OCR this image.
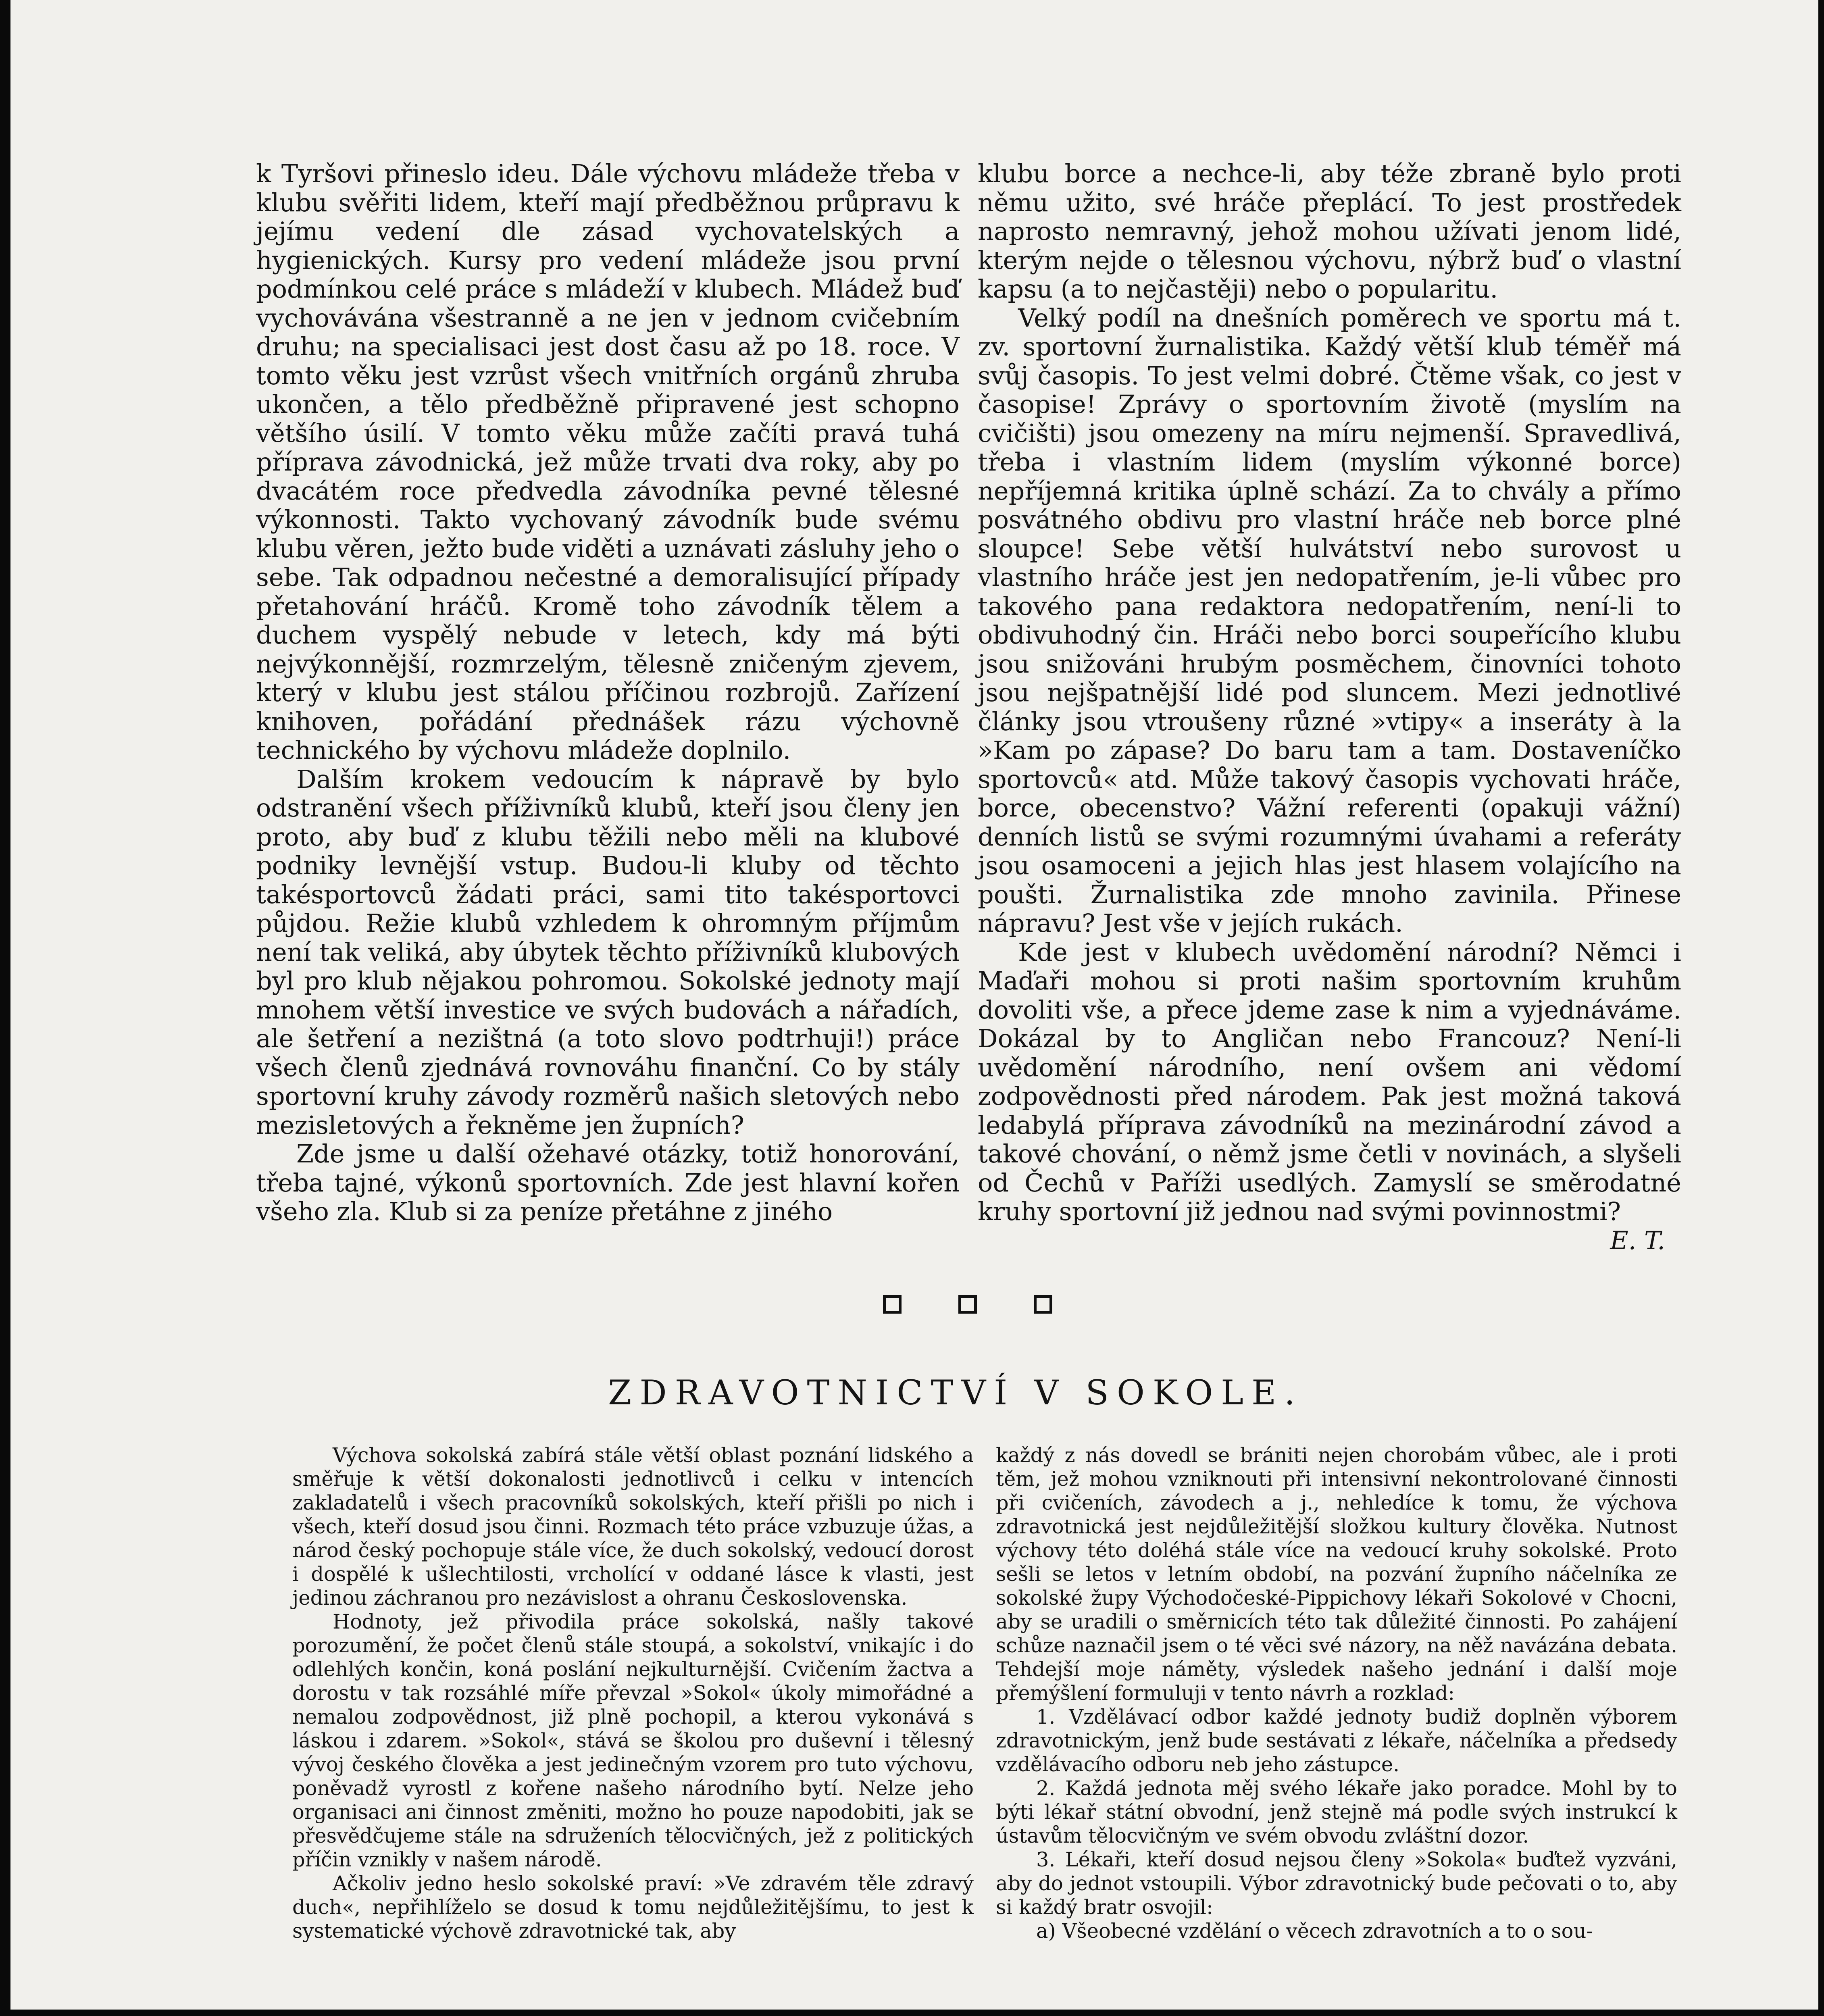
k Tyršovi přineslo ideu. Dále výchovu mládeže třeba v klubu svěřiti lidem, kteří mají předběžnou průpravu k jejímu vedení dle zásad vychovatelských a hygienických. Kursy pro vedení mládeže jsou první podmínkou celé práce s mládeží v klubech. Mládež buď vychovávána všestranně a ne jen v jednom cvičebním druhu; na specialisaci jest dost času až po 18. roce. V tomto věku jest vzrůst všech vnitřních orgánů zhruba ukončen, a tělo předběžně připravené jest schopno většího úsilí. V tomto věku může začíti pravá tuhá příprava závodnická, jež může trvati dva roky, aby po dvacátém roce předvedla závodníka pevné tělesné výkonnosti. Takto vychovaný závodník bude svému klubu věren, ježto bude viděti a uznávati zásluhy jeho o sebe. Tak odpadnou nečestné a demoralisující případy přetahování hráčů. Kromě toho závodník tělem a duchem vyspělý nebude v letech, kdy má býti nejvýkonnější, rozmrzelým, tělesně zničeným zjevem, který v klubu jest stálou příčinou rozbrojů. Zařízení knihoven, pořádání přednášek rázu výchovně technického by výchovu mládeže doplnilo.

Dalším krokem vedoucím k nápravě by bylo odstranění všech příživníků klubů, kteří jsou členy jen proto, aby buď z klubu těžili nebo měli na klubové podniky levnější vstup. Budou-li kluby od těchto takésportovců žádati práci, sami tito takésportovci půjdou. Režie klubů vzhledem k ohromným příjmům není tak veliká, aby úbytek těchto příživníků klubových byl pro klub nějakou pohromou. Sokolské jednoty mají mnohem větší investice ve svých budovách a nářadích, ale šetření a nezištná (a toto slovo podtrhuji!) práce všech členů zjednává rovnováhu finanční. Co by stály sportovní kruhy závody rozměrů našich sletových nebo mezisletových a řekněme jen župních?

Zde jsme u další ožehavé otázky, totiž honorování, třeba tajné, výkonů sportovních. Zde jest hlavní kořen všeho zla. Klub si za peníze přetáhne z jiného

klubu borce a nechce-li, aby téže zbraně bylo proti němu užito, své hráče přeplácí. To jest prostředek naprosto nemravný, jehož mohou užívati jenom lidé, kterým nejde o tělesnou výchovu, nýbrž buď o vlastní kapsu (a to nejčastěji) nebo o popularitu.

Velký podíl na dnešních poměrech ve sportu má t. zv. sportovní žurnalistika. Každý větší klub téměř má svůj časopis. To jest velmi dobré. Čtěme však, co jest v časopise! Zprávy o sportovním životě (myslím na cvičišti) jsou omezeny na míru nejmenší. Spravedlivá, třeba i vlastním lidem (myslím výkonné borce) nepříjemná kritika úplně schází. Za to chvály a přímo posvátného obdivu pro vlastní hráče neb borce plné sloupce! Sebe větší hulvátství nebo surovost u vlastního hráče jest jen nedopatřením, je-li vůbec pro takového pana redaktora nedopatřením, není-li to obdivuhodný čin. Hráči nebo borci soupeřícího klubu jsou snižováni hrubým posměchem, činovníci tohoto jsou nejšpatnější lidé pod sluncem. Mezi jednotlivé články jsou vtroušeny různé »vtipy« a inseráty à la »Kam po zápase? Do baru tam a tam. Dostaveníčko sportovců« atd. Může takový časopis vychovati hráče, borce, obecenstvo? Vážní referenti (opakuji vážní) denních listů se svými rozumnými úvahami a referáty jsou osamoceni a jejich hlas jest hlasem volajícího na poušti. Žurnalistika zde mnoho zavinila. Přinese nápravu? Jest vše v jejích rukách.

Kde jest v klubech uvědomění národní? Němci i Maďaři mohou si proti našim sportovním kruhům dovoliti vše, a přece jdeme zase k nim a vyjednáváme. Dokázal by to Angličan nebo Francouz? Není-li uvědomění národního, není ovšem ani vědomí zodpovědnosti před národem. Pak jest možná taková ledabylá příprava závodníků na mezinárodní závod a takové chování, o němž jsme četli v novinách, a slyšeli od Čechů v Paříži usedlých. Zamyslí se směrodatné kruhy sportovní již jednou nad svými povinnostmi?

E. T.
ZDRAVOTNICTVÍ V SOKOLE.

Výchova sokolská zabírá stále větší oblast poznání lidského a směřuje k větší dokonalosti jednotlivců i celku v intencích zakladatelů i všech pracovníků sokolských, kteří přišli po nich i všech, kteří dosud jsou činni. Rozmach této práce vzbuzuje úžas, a národ český pochopuje stále více, že duch sokolský, vedoucí dorost i dospělé k ušlechtilosti, vrcholící v oddané lásce k vlasti, jest jedinou záchranou pro nezávislost a ohranu Československa.

Hodnoty, jež přivodila práce sokolská, našly takové porozumění, že počet členů stále stoupá, a sokolství, vnikajíc i do odlehlých končin, koná poslání nejkulturnější. Cvičením žactva a dorostu v tak rozsáhlé míře převzal »Sokol« úkoly mimořádné a nemalou zodpovědnost, již plně pochopil, a kterou vykonává s láskou i zdarem. »Sokol«, stává se školou pro duševní i tělesný vývoj českého člověka a jest jedinečným vzorem pro tuto výchovu, poněvadž vyrostl z kořene našeho národního bytí. Nelze jeho organisaci ani činnost změniti, možno ho pouze napodobiti, jak se přesvědčujeme stále na sdruženích tělocvičných, jež z politických příčin vznikly v našem národě.

Ačkoliv jedno heslo sokolské praví: »Ve zdravém těle zdravý duch«, nepřihlíželo se dosud k tomu nejdůležitějšímu, to jest k systematické výchově zdravotnické tak, aby

každý z nás dovedl se brániti nejen chorobám vůbec, ale i proti těm, jež mohou vzniknouti při intensivní nekontrolované činnosti při cvičeních, závodech a j., nehledíce k tomu, že výchova zdravotnická jest nejdůležitější složkou kultury člověka. Nutnost výchovy této doléhá stále více na vedoucí kruhy sokolské. Proto sešli se letos v letním období, na pozvání župního náčelníka ze sokolské župy Východočeské-Pippichovy lékaři Sokolové v Chocni, aby se uradili o směrnicích této tak důležité činnosti. Po zahájení schůze naznačil jsem o té věci své názory, na něž navázána debata. Tehdejší moje náměty, výsledek našeho jednání i další moje přemýšlení formuluji v tento návrh a rozklad:

1. Vzdělávací odbor každé jednoty budiž doplněn výborem zdravotnickým, jenž bude sestávati z lékaře, náčelníka a předsedy vzdělávacího odboru neb jeho zástupce.

2. Každá jednota měj svého lékaře jako poradce. Mohl by to býti lékař státní obvodní, jenž stejně má podle svých instrukcí k ústavům tělocvičným ve svém obvodu zvláštní dozor.

3. Lékaři, kteří dosud nejsou členy »Sokola« buďtež vyzváni, aby do jednot vstoupili. Výbor zdravotnický bude pečovati o to, aby si každý bratr osvojil:

a) Všeobecné vzdělání o věcech zdravotních a to o sou-
